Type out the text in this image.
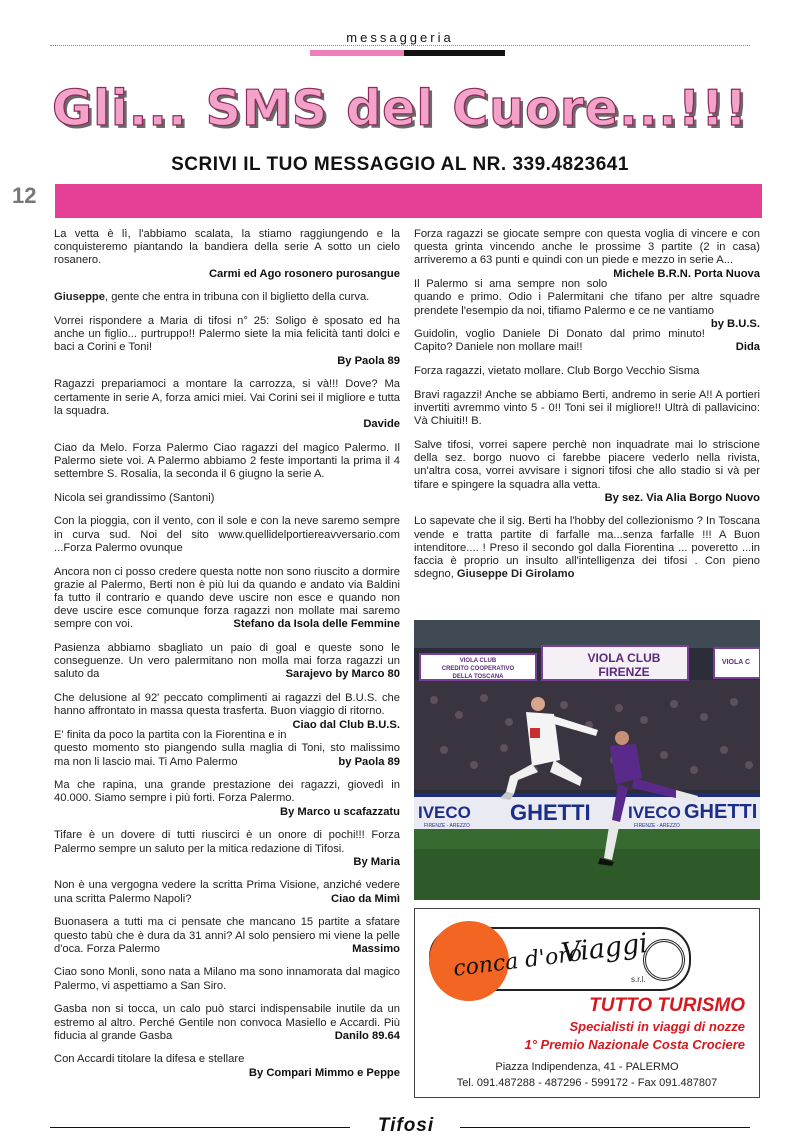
messaggeria
Gli... SMS del Cuore...!!!
SCRIVI IL TUO MESSAGGIO AL NR. 339.4823641
12

La vetta è lì, l'abbiamo scalata, la stiamo raggiungendo e la conquisteremo piantando la bandiera della serie A sotto un cielo rosanero.
Carmi ed Ago rosonero purosangue

Giuseppe, gente che entra in tribuna con il biglietto della curva.

Vorrei rispondere a Maria di tifosi n° 25: Soligo è sposato ed ha anche un figlio... purtruppo!! Palermo siete la mia felicità tanti dolci e baci a Corini e Toni!
By Paola 89

Ragazzi prepariamoci a montare la carrozza, si và!!! Dove? Ma certamente in serie A, forza amici miei. Vai Corini sei il migliore e tutta la squadra.
Davide

Ciao da Melo. Forza Palermo Ciao ragazzi del magico Palermo. Il Palermo siete voi. A Palermo abbiamo 2 feste importanti la prima il 4 settembre S. Rosalia, la seconda il 6 giugno la serie A.

Nicola sei grandissimo (Santoni)

Con la pioggia, con il vento, con il sole e con la neve saremo sempre in curva sud. Noi del sito www.quellidelportiereavversario.com ...Forza Palermo ovunque

Ancora non ci posso credere questa notte non sono riuscito a dormire grazie al Palermo, Berti non è più lui da quando e andato via Baldini fa tutto il contrario e quando deve uscire non esce e quando non deve uscire esce comunque forza ragazzi non mollate mai saremo sempre con voi.	Stefano da Isola delle Femmine

Pasienza abbiamo sbagliato un paio di goal e queste sono le conseguenze. Un vero palermitano non molla mai forza ragazzi un saluto da	Sarajevo by Marco 80

Che delusione al 92' peccato complimenti ai ragazzi del B.U.S. che hanno affrontato in massa questa trasferta. Buon viaggio di ritorno.
Ciao dal Club B.U.S.

E' finita da poco la partita con la Fiorentina e in questo momento sto piangendo sulla maglia di Toni, sto malissimo ma non li lascio mai. Ti Amo Palermo	by Paola 89

Ma che rapina, una grande prestazione dei ragazzi, giovedì in 40.000. Siamo sempre i più forti. Forza Palermo.
By Marco u scafazzatu

Tifare è un dovere di tutti riuscirci è un onore di pochi!!! Forza Palermo sempre un saluto per la mitica redazione di Tifosi.
By Maria

Non è una vergogna vedere la scritta Prima Visione, anziché vedere una scritta Palermo Napoli?	Ciao da Mimì

Buonasera a tutti ma ci pensate che mancano 15 partite a sfatare questo tabù che è dura da 31 anni? Al solo pensiero mi viene la pelle d'oca. Forza Palermo	Massimo

Ciao sono Monli, sono nata a Milano ma sono innamorata dal magico Palermo, vi aspettiamo a San Siro.

Gasba non si tocca, un calo può starci indispensabile inutile da un estremo al altro. Perché Gentile non convoca Masiello e Accardi. Più fiducia al grande Gasba	Danilo 89.64

Con Accardi titolare la difesa e stellare
By Compari Mimmo e Peppe

Forza ragazzi se giocate sempre con questa voglia di vincere e con questa grinta vincendo anche le prossime 3 partite (2 in casa) arriveremo a 63 punti e quindi con un piede e mezzo in serie A...
Michele B.R.N. Porta Nuova

Il Palermo si ama sempre non solo quando e primo. Odio i Palermitani che tifano per altre squadre prendete l'esempio da noi, tifiamo Palermo e ce ne vantiamo
by B.U.S.

Guidolin, voglio Daniele Di Donato dal primo minuto! Capito? Daniele non mollare mai!!	Dida

Forza ragazzi, vietato mollare. Club Borgo Vecchio Sisma

Bravi ragazzi! Anche se abbiamo Berti, andremo in serie A!! A portieri invertiti avremmo vinto 5 - 0!! Toni sei il migliore!! Ultrà di pallavicino: Và Chiuiti!! B.

Salve tifosi, vorrei sapere perchè non inquadrate mai lo striscione della sez. borgo nuovo ci farebbe piacere vederlo nella rivista, un'altra cosa, vorrei avvisare i signori tifosi che allo stadio si và per tifare e spingere la squadra alla vetta.
By sez. Via Alia Borgo Nuovo

Lo sapevate che il sig. Berti ha l'hobby del collezionismo ? In Toscana vende e tratta partite di farfalle ma...senza farfalle !!! A Buon intenditore.... ! Preso il secondo gol dalla Fiorentina ... poveretto ...in faccia è proprio un insulto all'intelligenza dei tifosi . Con pieno sdegno, Giuseppe Di Girolamo

VIOLA CLUB
CREDITO COOPERATIVO
DELLA TOSCANA
VIOLA CLUB
FIRENZE
VIOLA C
IVECO GHETTI IVECO GHETTI
FIRENZE - AREZZO	FIRENZE - AREZZO
conca d'oro
Viaggi
s.r.l.
TUTTO TURISMO
Specialisti in viaggi di nozze
1° Premio Nazionale Costa Crociere
Piazza Indipendenza, 41 - PALERMO
Tel. 091.487288 - 487296 - 599172 - Fax 091.487807
Tifosi
